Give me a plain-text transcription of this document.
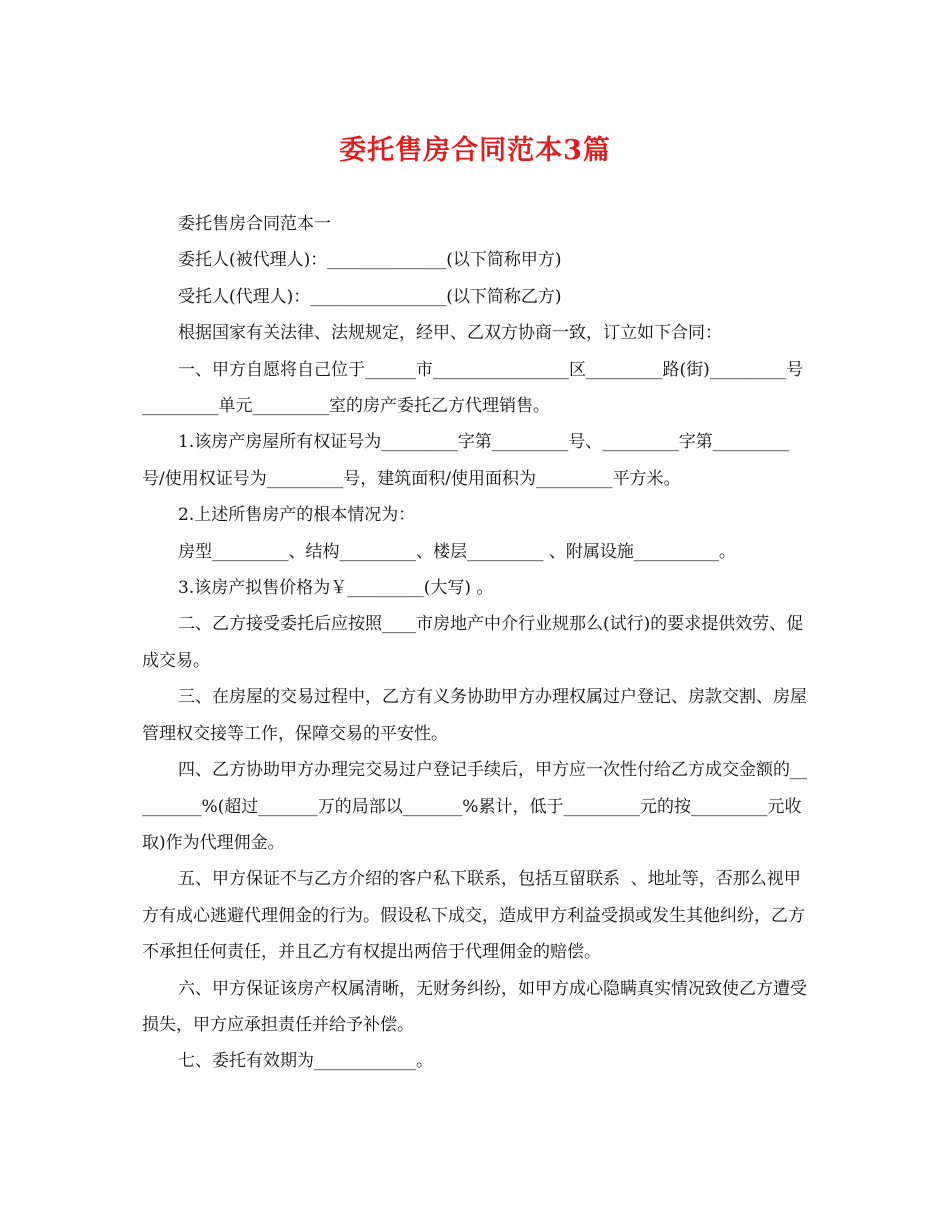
委托售房合同范本3篇

委托售房合同范本一

委托人(被代理人)：______________(以下简称甲方)

受托人(代理人)：________________(以下简称乙方)

根据国家有关法律、法规规定，经甲、乙双方协商一致，订立如下合同：

一、甲方自愿将自己位于______市________________区_________路(街)_________号_________单元_________室的房产委托乙方代理销售。

1.该房产房屋所有权证号为_________字第_________号、_________字第_________号/使用权证号为_________号，建筑面积/使用面积为_________平方米。

2.上述所售房产的根本情况为：

房型_________、结构_________、楼层_________ 、附属设施__________。

3.该房产拟售价格为￥_________(大写) 。

二、乙方接受委托后应按照____市房地产中介行业规那么(试行)的要求提供效劳、促成交易。

三、在房屋的交易过程中，乙方有义务协助甲方办理权属过户登记、房款交割、房屋管理权交接等工作，保障交易的平安性。

四、乙方协助甲方办理完交易过户登记手续后，甲方应一次性付给乙方成交金额的_________%(超过_______万的局部以_______%累计，低于_________元的按_________元收取)作为代理佣金。

五、甲方保证不与乙方介绍的客户私下联系，包括互留联系  、地址等，否那么视甲方有成心逃避代理佣金的行为。假设私下成交，造成甲方利益受损或发生其他纠纷，乙方不承担任何责任，并且乙方有权提出两倍于代理佣金的赔偿。

六、甲方保证该房产权属清晰，无财务纠纷，如甲方成心隐瞒真实情况致使乙方遭受损失，甲方应承担责任并给予补偿。

七、委托有效期为____________。
